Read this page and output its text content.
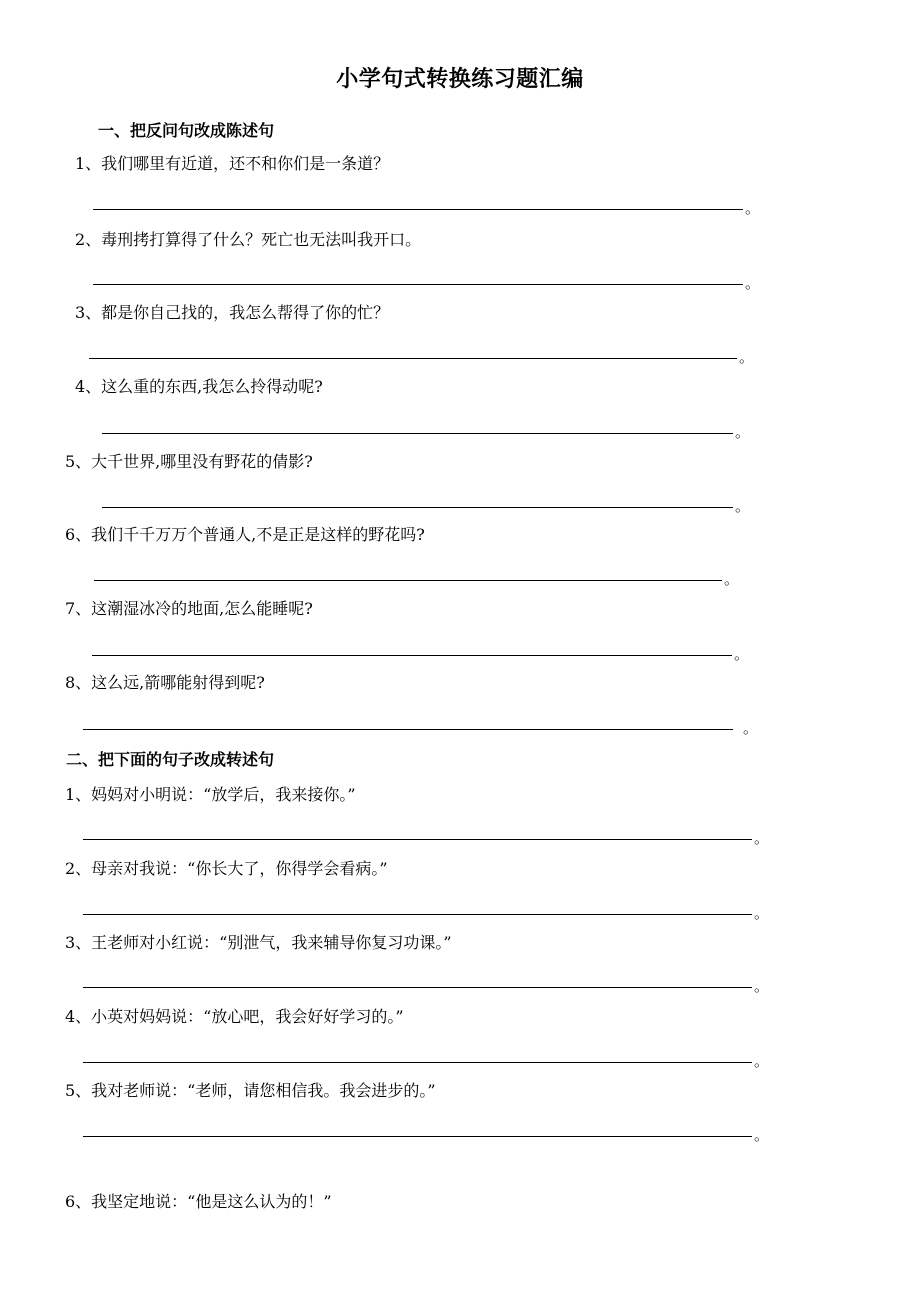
小学句式转换练习题汇编
一、把反问句改成陈述句
1、我们哪里有近道，还不和你们是一条道？
。
2、毒刑拷打算得了什么？死亡也无法叫我开口。
。
3、都是你自己找的，我怎么帮得了你的忙？
。
4、这么重的东西,我怎么拎得动呢?
。
5、大千世界,哪里没有野花的倩影?
。
6、我们千千万万个普通人,不是正是这样的野花吗?
。
7、这潮湿冰冷的地面,怎么能睡呢?
。
8、这么远,箭哪能射得到呢?
。
二、把下面的句子改成转述句
1、妈妈对小明说：“放学后，我来接你。”
。
2、母亲对我说：“你长大了，你得学会看病。”
。
3、王老师对小红说：“别泄气，我来辅导你复习功课。”
。
4、小英对妈妈说：“放心吧，我会好好学习的。”
。
5、我对老师说：“老师，请您相信我。我会进步的。”
。
6、我坚定地说：“他是这么认为的！”
